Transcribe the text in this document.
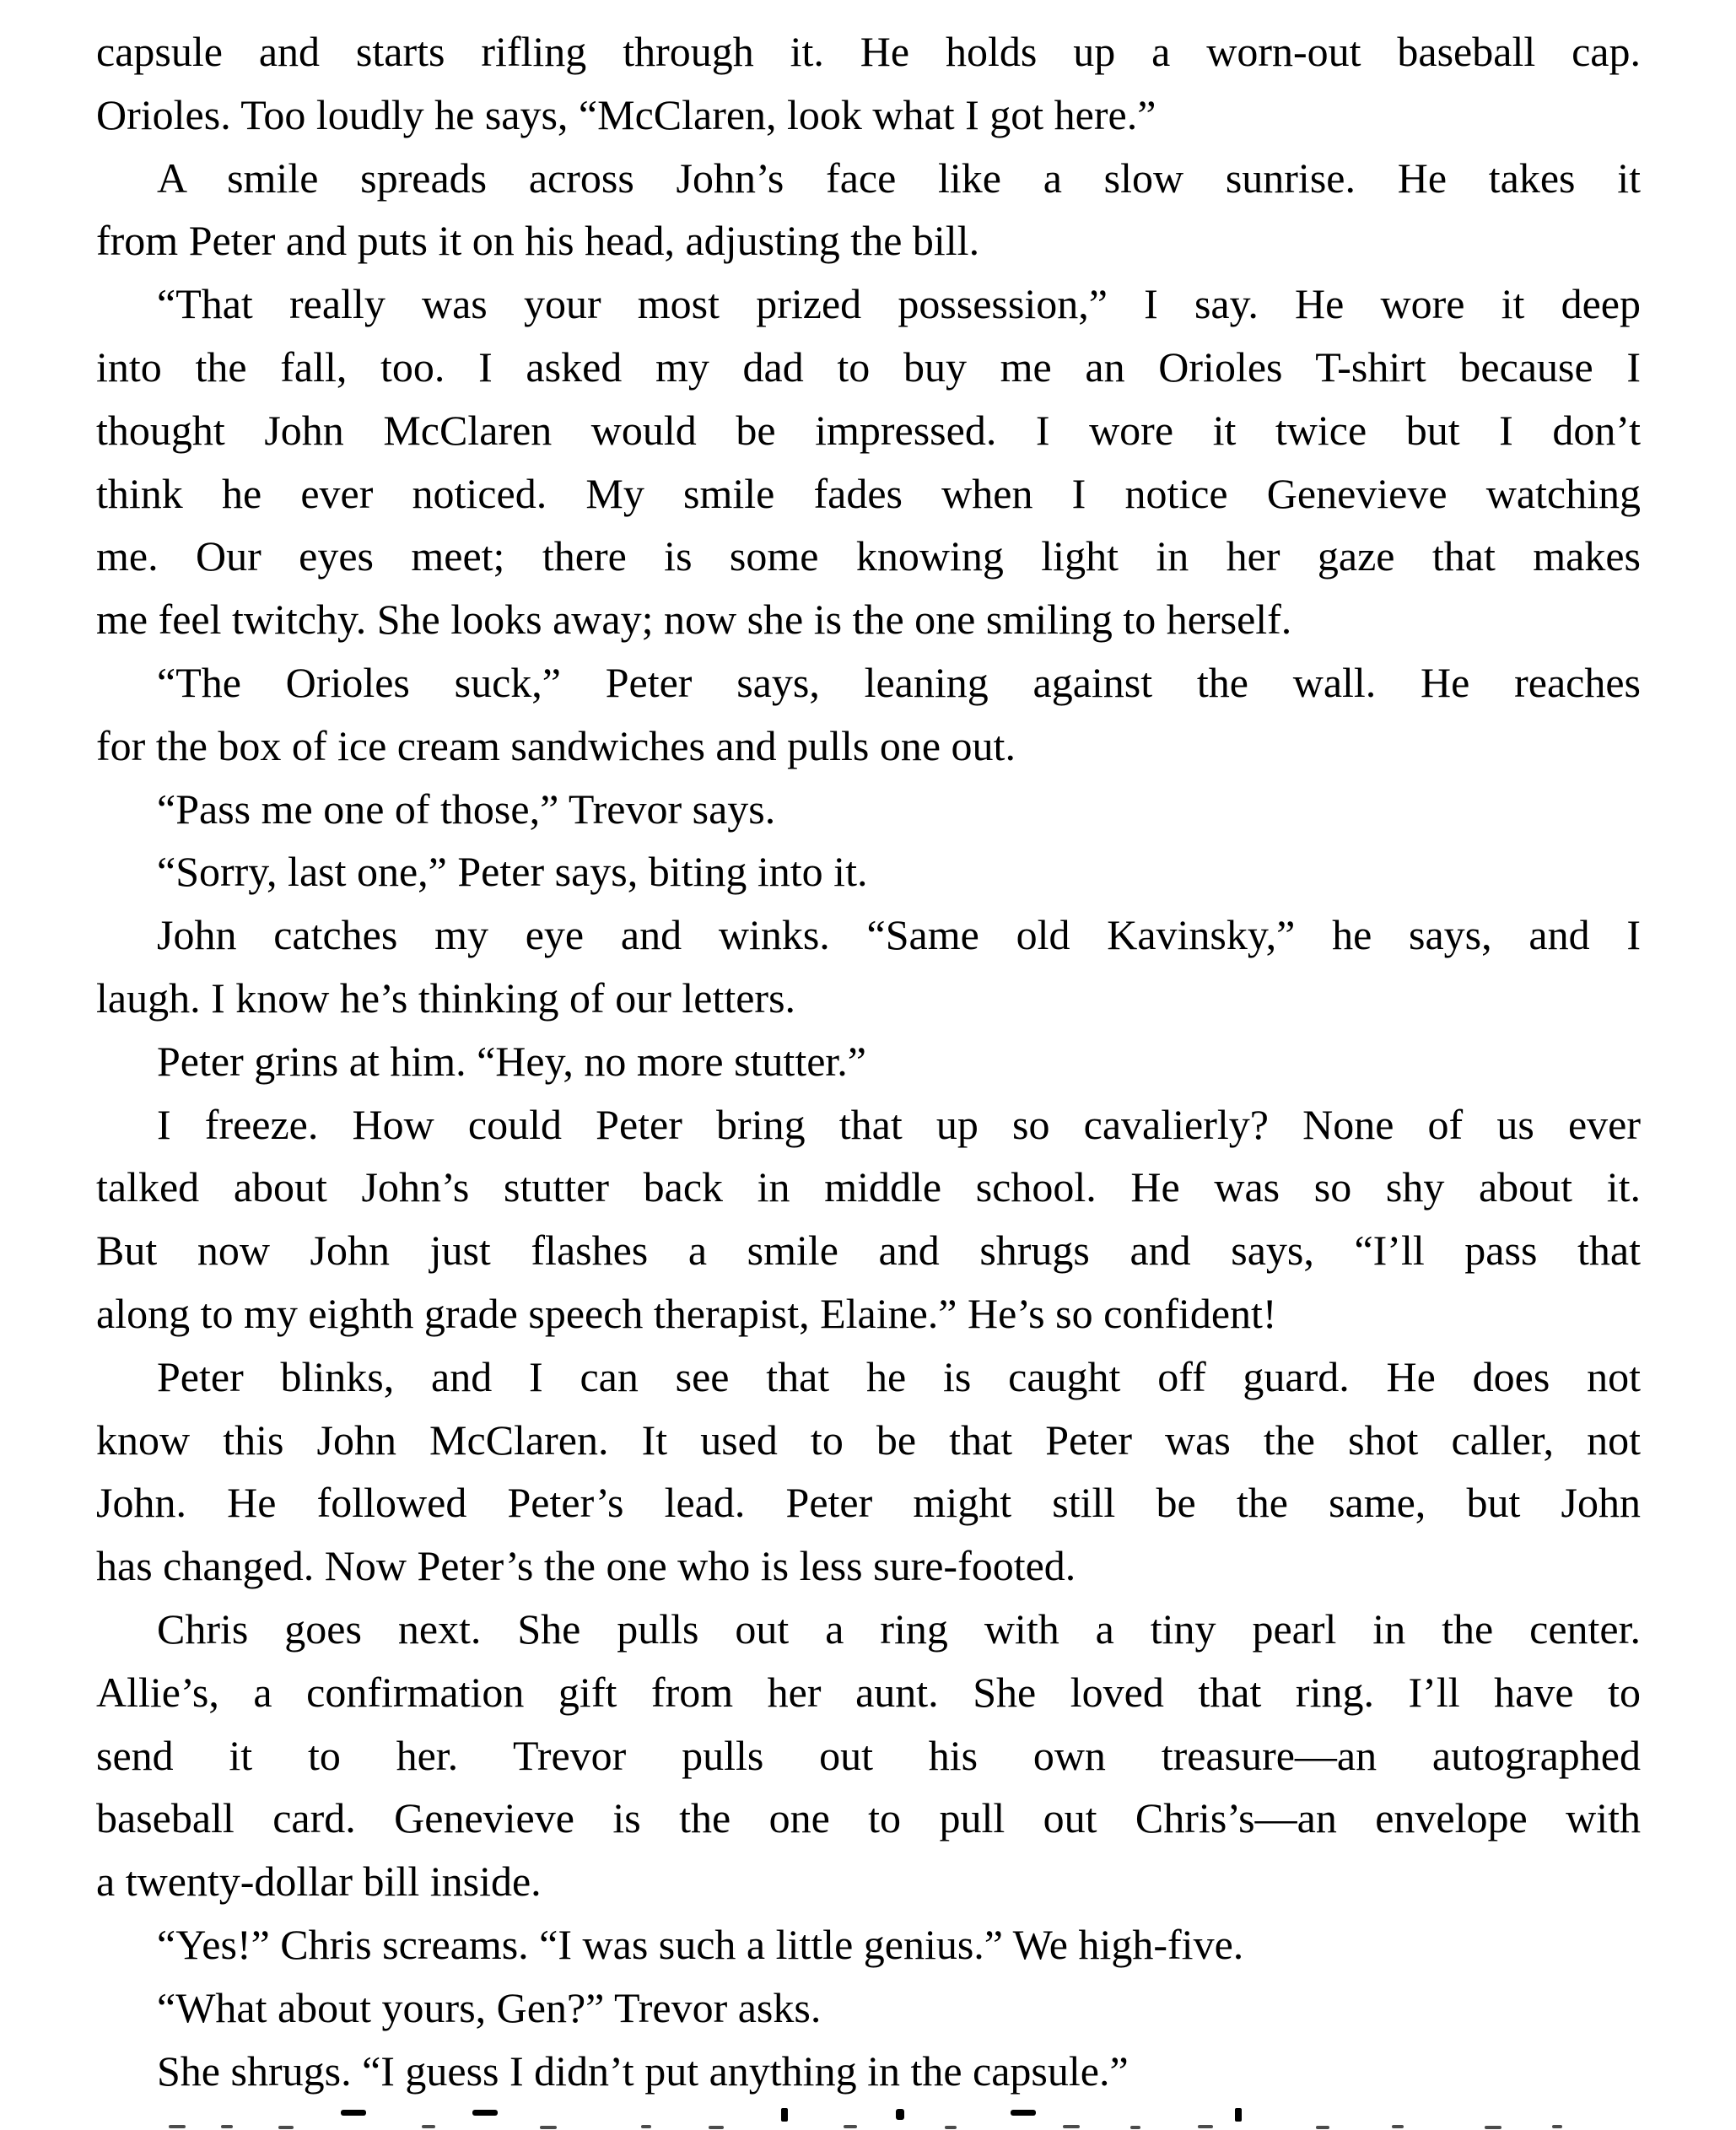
capsule and starts rifling through it. He holds up a worn-out baseball cap.
Orioles. Too loudly he says, “McClaren, look what I got here.”
A smile spreads across John’s face like a slow sunrise. He takes it
from Peter and puts it on his head, adjusting the bill.
“That really was your most prized possession,” I say. He wore it deep
into the fall, too. I asked my dad to buy me an Orioles T-shirt because I
thought John McClaren would be impressed. I wore it twice but I don’t
think he ever noticed. My smile fades when I notice Genevieve watching
me. Our eyes meet; there is some knowing light in her gaze that makes
me feel twitchy. She looks away; now she is the one smiling to herself.
“The Orioles suck,” Peter says, leaning against the wall. He reaches
for the box of ice cream sandwiches and pulls one out.
“Pass me one of those,” Trevor says.
“Sorry, last one,” Peter says, biting into it.
John catches my eye and winks. “Same old Kavinsky,” he says, and I
laugh. I know he’s thinking of our letters.
Peter grins at him. “Hey, no more stutter.”
I freeze. How could Peter bring that up so cavalierly? None of us ever
talked about John’s stutter back in middle school. He was so shy about it.
But now John just flashes a smile and shrugs and says, “I’ll pass that
along to my eighth grade speech therapist, Elaine.” He’s so confident!
Peter blinks, and I can see that he is caught off guard. He does not
know this John McClaren. It used to be that Peter was the shot caller, not
John. He followed Peter’s lead. Peter might still be the same, but John
has changed. Now Peter’s the one who is less sure-footed.
Chris goes next. She pulls out a ring with a tiny pearl in the center.
Allie’s, a confirmation gift from her aunt. She loved that ring. I’ll have to
send it to her. Trevor pulls out his own treasure—an autographed
baseball card. Genevieve is the one to pull out Chris’s—an envelope with
a twenty-dollar bill inside.
“Yes!” Chris screams. “I was such a little genius.” We high-five.
“What about yours, Gen?” Trevor asks.
She shrugs. “I guess I didn’t put anything in the capsule.”
